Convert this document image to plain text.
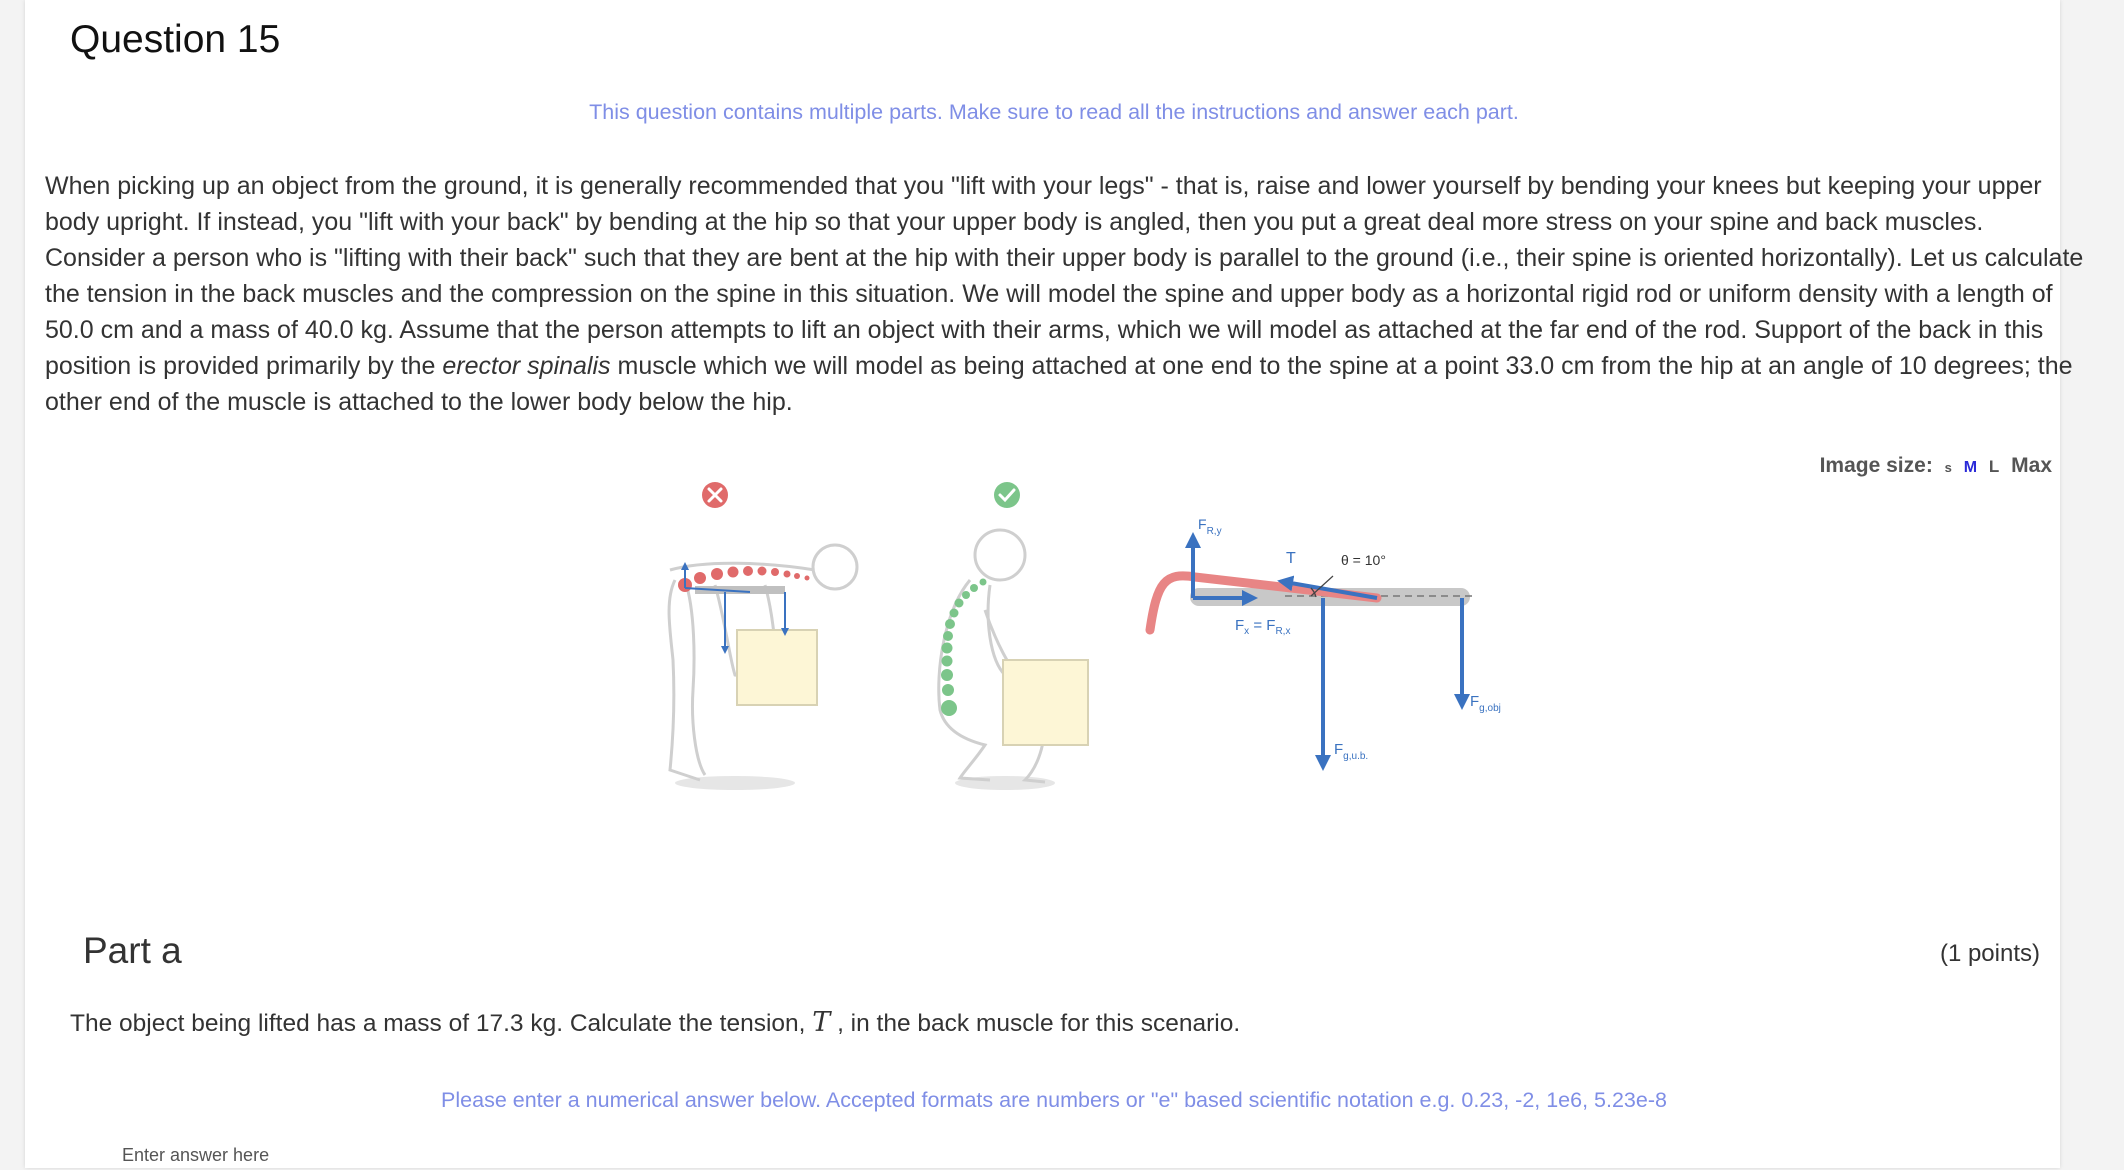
Question 15
This question contains multiple parts. Make sure to read all the instructions and answer each part.
When picking up an object from the ground, it is generally recommended that you "lift with your legs" - that is, raise and lower yourself by bending your knees but keeping your upper body upright. If instead, you "lift with your back" by bending at the hip so that your upper body is angled, then you put a great deal more stress on your spine and back muscles. Consider a person who is "lifting with their back" such that they are bent at the hip with their upper body is parallel to the ground (i.e., their spine is oriented horizontally). Let us calculate the tension in the back muscles and the compression on the spine in this situation. We will model the spine and upper body as a horizontal rigid rod or uniform density with a length of 50.0 cm and a mass of 40.0 kg. Assume that the person attempts to lift an object with their arms, which we will model as attached at the far end of the rod. Support of the back in this position is provided primarily by the erector spinalis muscle which we will model as being attached at one end to the spine at a point 33.0 cm from the hip at an angle of 10 degrees; the other end of the muscle is attached to the lower body below the hip.
Image size: s M L Max
$F_{R,y}$
T	θ = 10°
$F_x = F_{R,x}$
$F_{g,u.b.}$
$F_{g,obj}$
Part a	(1 points)
The object being lifted has a mass of 17.3 kg. Calculate the tension, T , in the back muscle for this scenario.
Please enter a numerical answer below. Accepted formats are numbers or "e" based scientific notation e.g. 0.23, -2, 1e6, 5.23e-8
Enter answer here
